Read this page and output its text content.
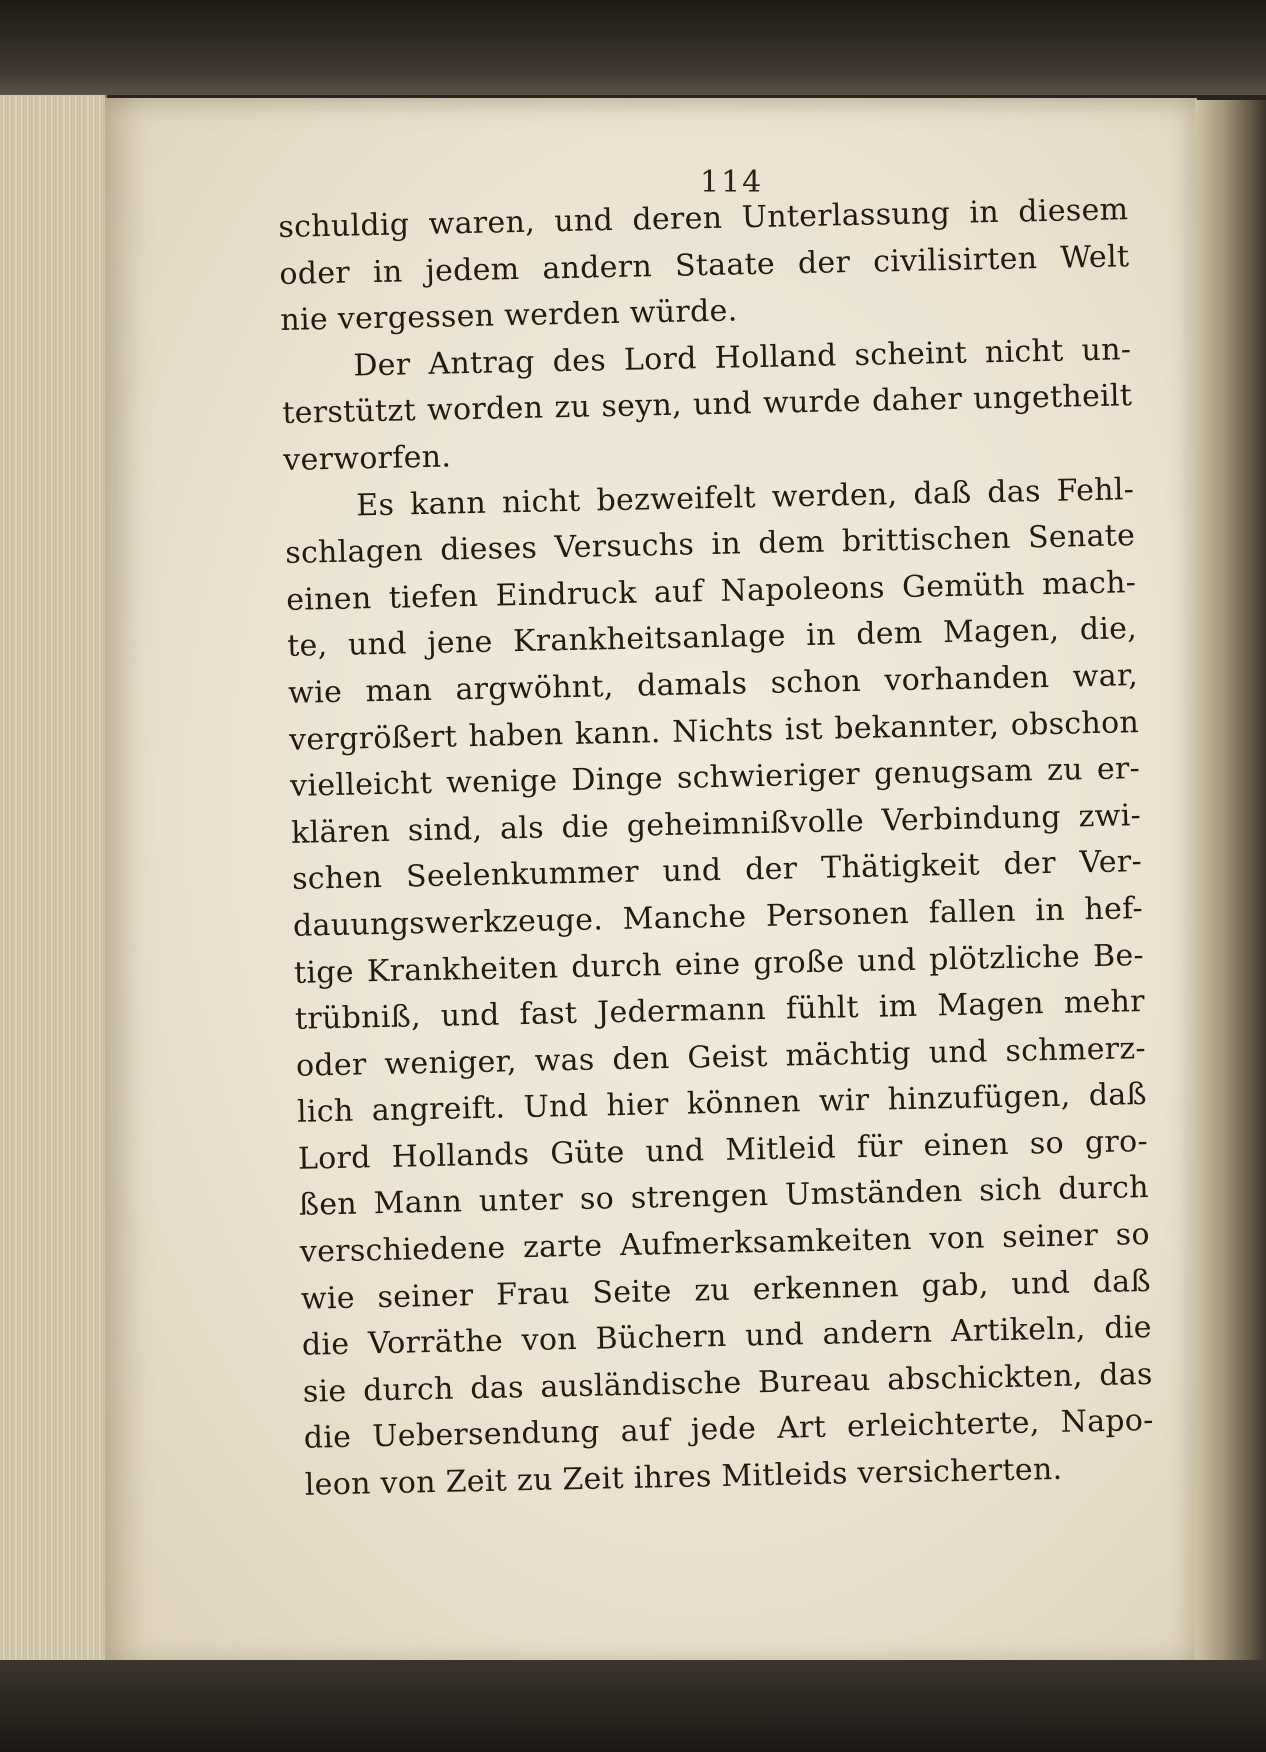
114
schuldig waren, und deren Unterlassung in diesem
oder in jedem andern Staate der civilisirten Welt
nie vergessen werden würde.
Der Antrag des Lord Holland scheint nicht un-
terstützt worden zu seyn, und wurde daher ungetheilt
verworfen.
Es kann nicht bezweifelt werden, daß das Fehl-
schlagen dieses Versuchs in dem brittischen Senate
einen tiefen Eindruck auf Napoleons Gemüth mach-
te, und jene Krankheitsanlage in dem Magen, die,
wie man argwöhnt, damals schon vorhanden war,
vergrößert haben kann. Nichts ist bekannter, obschon
vielleicht wenige Dinge schwieriger genugsam zu er-
klären sind, als die geheimnißvolle Verbindung zwi-
schen Seelenkummer und der Thätigkeit der Ver-
dauungswerkzeuge. Manche Personen fallen in hef-
tige Krankheiten durch eine große und plötzliche Be-
trübniß, und fast Jedermann fühlt im Magen mehr
oder weniger, was den Geist mächtig und schmerz-
lich angreift. Und hier können wir hinzufügen, daß
Lord Hollands Güte und Mitleid für einen so gro-
ßen Mann unter so strengen Umständen sich durch
verschiedene zarte Aufmerksamkeiten von seiner so
wie seiner Frau Seite zu erkennen gab, und daß
die Vorräthe von Büchern und andern Artikeln, die
sie durch das ausländische Bureau abschickten, das
die Uebersendung auf jede Art erleichterte, Napo-
leon von Zeit zu Zeit ihres Mitleids versicherten.
